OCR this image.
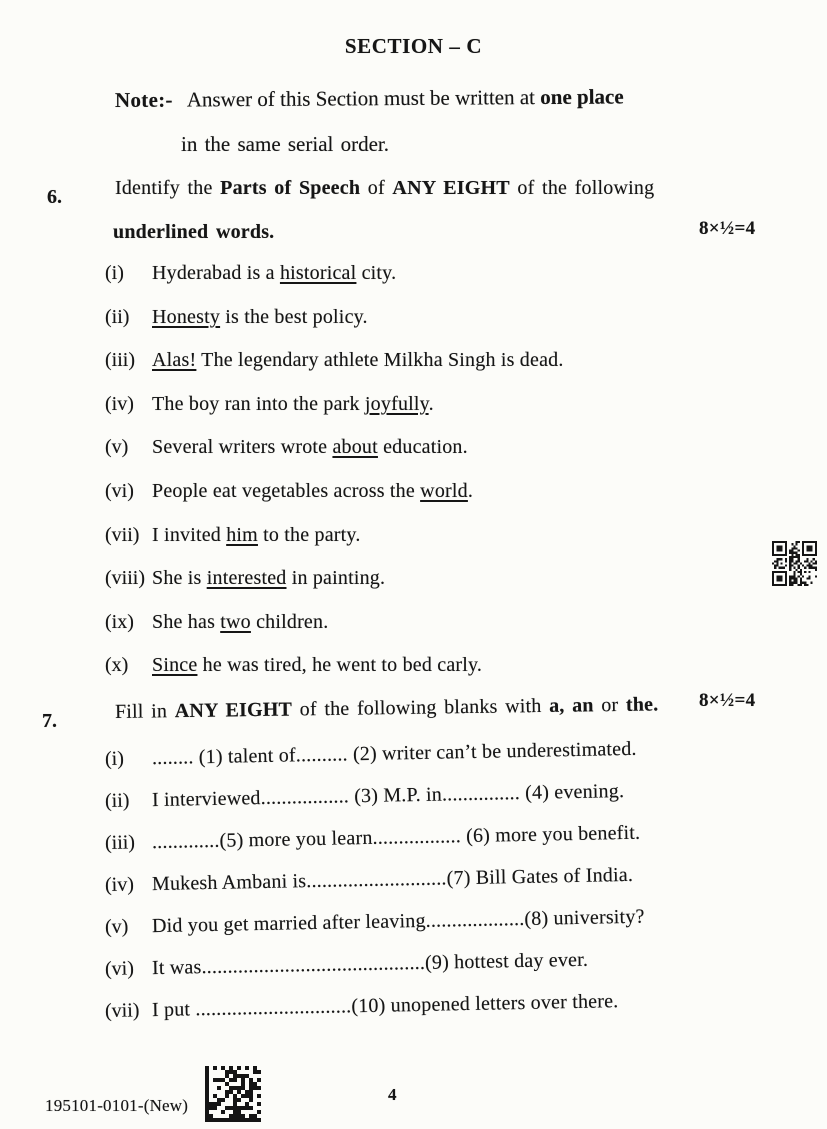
SECTION – C
Note:- Answer of this Section must be written at one place
in the same serial order.
6.	Identify the Parts of Speech of ANY EIGHT of the following
underlined words.	8×½=4
(i) Hyderabad is a historical city.
(ii) Honesty is the best policy.
(iii) Alas! The legendary athlete Milkha Singh is dead.
(iv) The boy ran into the park joyfully.
(v) Several writers wrote about education.
(vi) People eat vegetables across the world.
(vii) I invited him to the party.
(viii) She is interested in painting.
(ix) She has two children.
(x) Since he was tired, he went to bed carly.
7.	Fill in ANY EIGHT of the following blanks with a, an or the. 8×½=4
(i) ........ (1) talent of.......... (2) writer can’t be underestimated.
(ii) I interviewed................. (3) M.P. in............... (4) evening.
(iii) .............(5) more you learn................. (6) more you benefit.
(iv) Mukesh Ambani is...........................(7) Bill Gates of India.
(v) Did you get married after leaving...................(8) university?
(vi) It was...........................................(9) hottest day ever.
(vii) I put ..............................(10) unopened letters over there.
195101-0101-(New)
4
